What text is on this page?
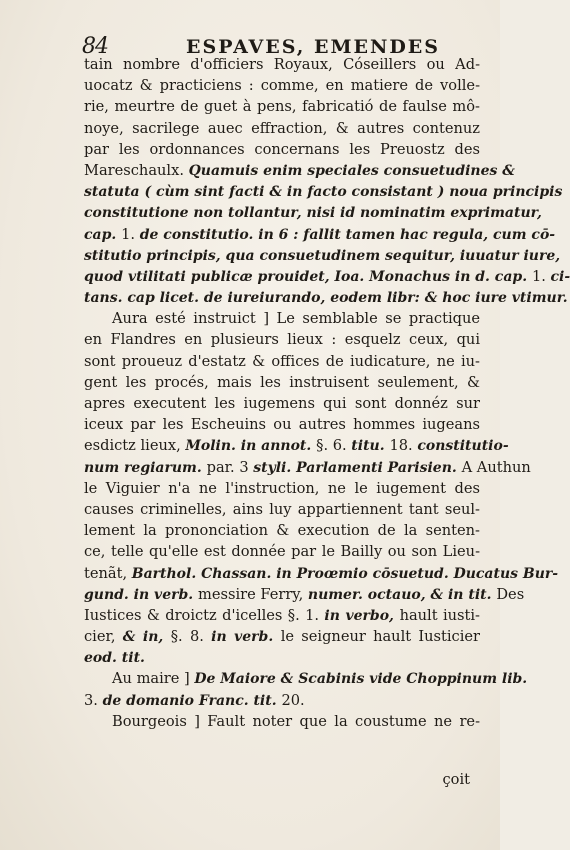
84	ESPAVES, EMENDES
tain nombre d'officiers Royaux, Cóseillers ou Ad-
uocatz & practiciens : comme, en matiere de volle-
rie, meurtre de guet à pens, fabricatió de faulse mô-
noye, sacrilege auec effraction, & autres contenuz
par les ordonnances concernans les Preuostz des
Mareschaulx. Quamuis enim speciales consuetudines &
statuta ( cùm sint facti & in facto consistant ) noua principis
constitutione non tollantur, nisi id nominatim exprimatur,
cap. 1. de constitutio. in 6 : fallit tamen hac regula, cum cō-
stitutio principis, qua consuetudinem sequitur, iuuatur iure,
quod vtilitati publicæ prouidet, Ioa. Monachus in d. cap. 1. ci-
tans. cap licet. de iureiurando, eodem libr: & hoc iure vtimur.
Aura esté instruict ] Le semblable se practique
en Flandres en plusieurs lieux : esquelz ceux, qui
sont proueuz d'estatz & offices de iudicature, ne iu-
gent les procés, mais les instruisent seulement, &
apres executent les iugemens qui sont donnéz sur
iceux par les Escheuins ou autres hommes iugeans
esdictz lieux, Molin. in annot. §. 6. titu. 18. constitutio-
num regiarum. par. 3 styli. Parlamenti Parisien. A Authun
le Viguier n'a ne l'instruction, ne le iugement des
causes criminelles, ains luy appartiennent tant seul-
lement la prononciation & execution de la senten-
ce, telle qu'elle est donnée par le Bailly ou son Lieu-
tenãt, Barthol. Chassan. in Proœmio cōsuetud. Ducatus Bur-
gund. in verb. messire Ferry, numer. octauo, & in tit. Des
Iustices & droictz d'icelles §. 1. in verbo, hault iusti-
cier, & in, §. 8. in verb. le seigneur hault Iusticier
eod. tit.
Au maire ] De Maiore & Scabinis vide Choppinum lib.
3. de domanio Franc. tit. 20.
Bourgeois ] Fault noter que la coustume ne re-
çoit
